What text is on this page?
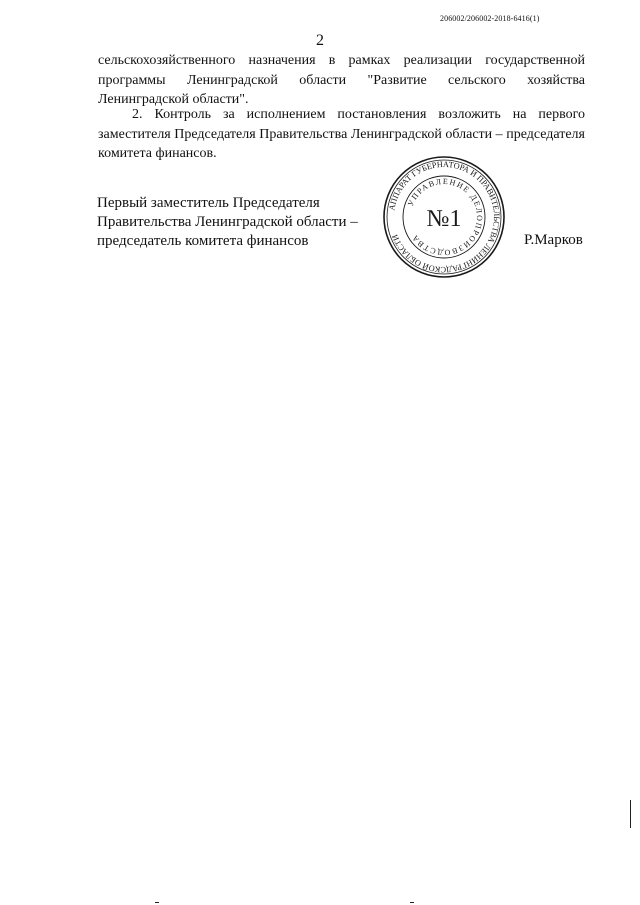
206002/206002-2018-6416(1)
2

сельскохозяйственного назначения в рамках реализации государственной программы Ленинградской области "Развитие сельского хозяйства Ленинградской области".

2. Контроль за исполнением постановления возложить на первого заместителя Председателя Правительства Ленинградской области – председателя комитета финансов.

Первый заместитель Председателя
Правительства Ленинградской области –
председатель комитета финансов
АППАРАТ ГУБЕРНАТОРА И ПРАВИТЕЛЬСТВА ЛЕНИНГРАДСКОЙ ОБЛАСТИ
УПРАВЛЕНИЕ ДЕЛОПРОИЗВОДСТВА
№1
Р.Марков
